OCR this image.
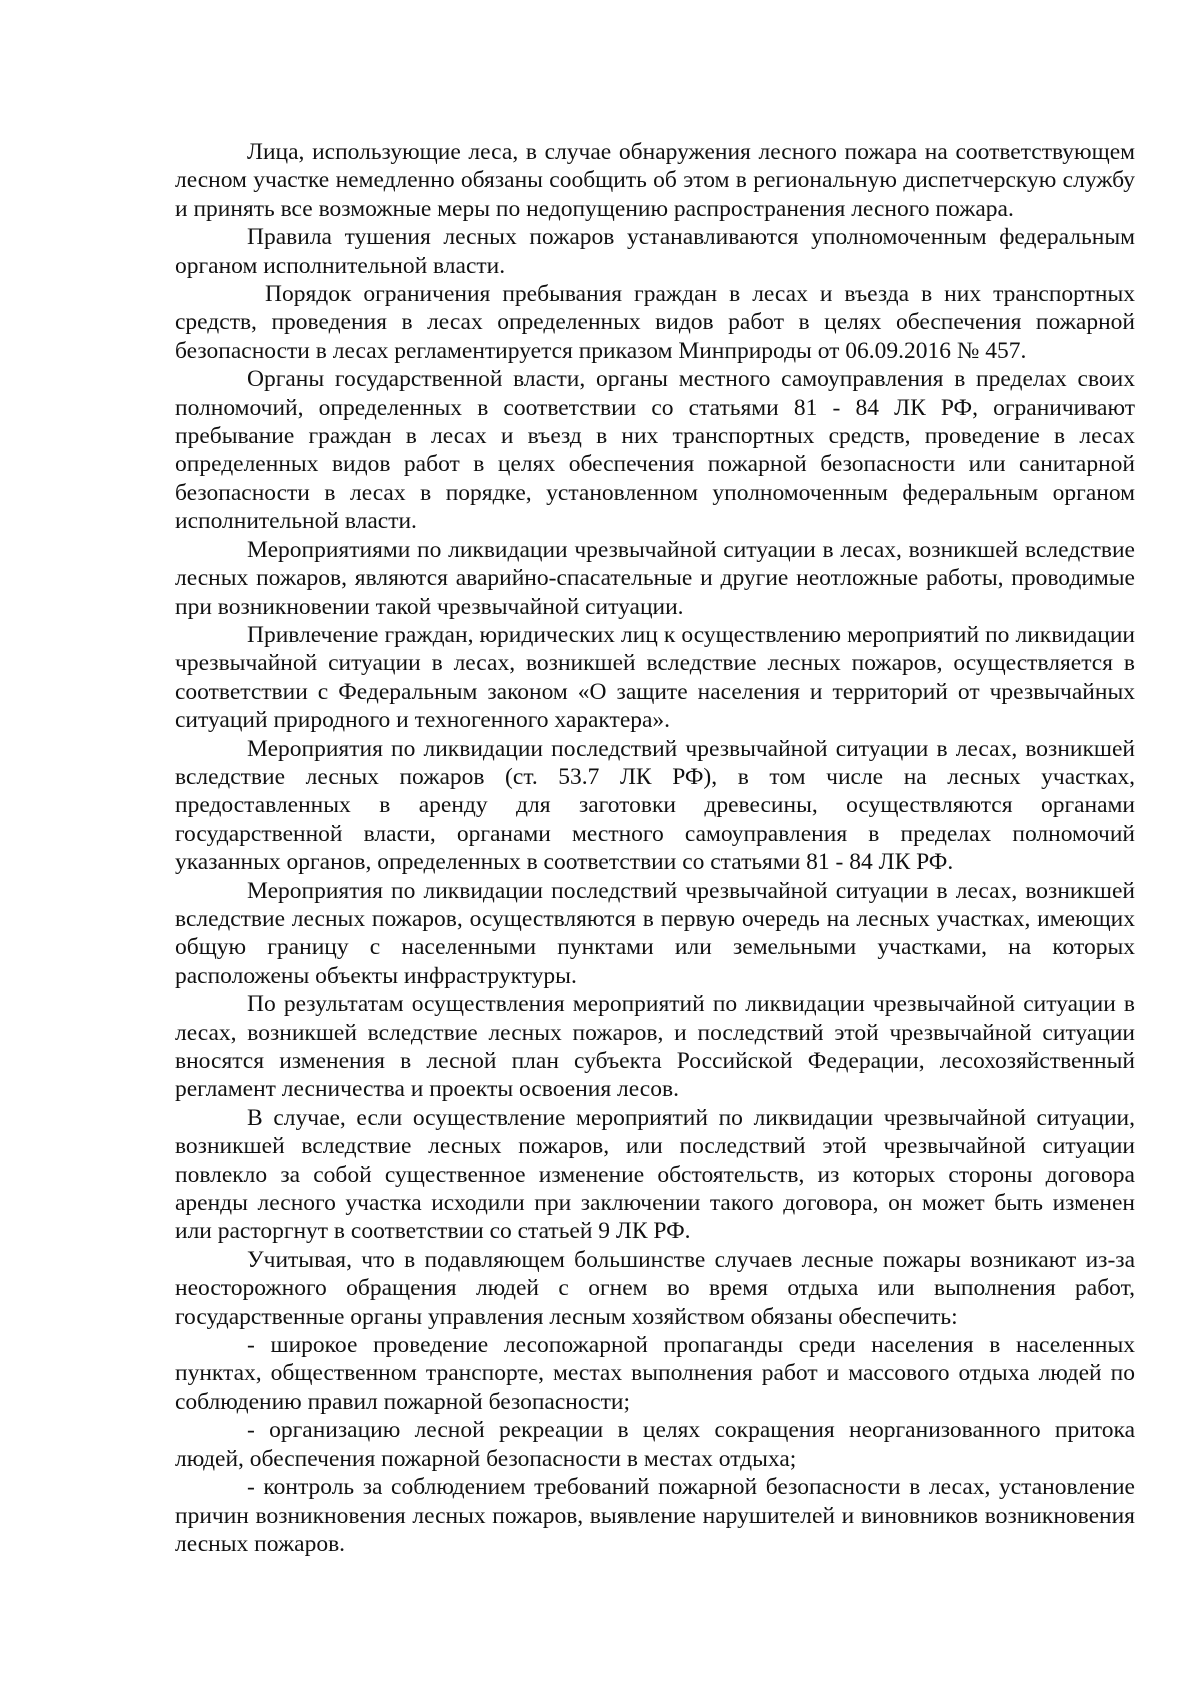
Лица, использующие леса, в случае обнаружения лесного пожара на соответствующем лесном участке немедленно обязаны сообщить об этом в региональную диспетчерскую службу и принять все возможные меры по недопущению распространения лесного пожара.

Правила тушения лесных пожаров устанавливаются уполномоченным федеральным органом исполнительной власти.

Порядок ограничения пребывания граждан в лесах и въезда в них транспортных средств, проведения в лесах определенных видов работ в целях обеспечения пожарной безопасности в лесах регламентируется приказом Минприроды от 06.09.2016 № 457.

Органы государственной власти, органы местного самоуправления в пределах своих полномочий, определенных в соответствии со статьями 81 - 84 ЛК РФ, ограничивают пребывание граждан в лесах и въезд в них транспортных средств, проведение в лесах определенных видов работ в целях обеспечения пожарной безопасности или санитарной безопасности в лесах в порядке, установленном уполномоченным федеральным органом исполнительной власти.

Мероприятиями по ликвидации чрезвычайной ситуации в лесах, возникшей вследствие лесных пожаров, являются аварийно-спасательные и другие неотложные работы, проводимые при возникновении такой чрезвычайной ситуации.

Привлечение граждан, юридических лиц к осуществлению мероприятий по ликвидации чрезвычайной ситуации в лесах, возникшей вследствие лесных пожаров, осуществляется в соответствии с Федеральным законом «О защите населения и территорий от чрезвычайных ситуаций природного и техногенного характера».

Мероприятия по ликвидации последствий чрезвычайной ситуации в лесах, возникшей вследствие лесных пожаров (ст. 53.7 ЛК РФ), в том числе на лесных участках, предоставленных в аренду для заготовки древесины, осуществляются органами государственной власти, органами местного самоуправления в пределах полномочий указанных органов, определенных в соответствии со статьями 81 - 84 ЛК РФ.

Мероприятия по ликвидации последствий чрезвычайной ситуации в лесах, возникшей вследствие лесных пожаров, осуществляются в первую очередь на лесных участках, имеющих общую границу с населенными пунктами или земельными участками, на которых расположены объекты инфраструктуры.

По результатам осуществления мероприятий по ликвидации чрезвычайной ситуации в лесах, возникшей вследствие лесных пожаров, и последствий этой чрезвычайной ситуации вносятся изменения в лесной план субъекта Российской Федерации, лесохозяйственный регламент лесничества и проекты освоения лесов.

В случае, если осуществление мероприятий по ликвидации чрезвычайной ситуации, возникшей вследствие лесных пожаров, или последствий этой чрезвычайной ситуации повлекло за собой существенное изменение обстоятельств, из которых стороны договора аренды лесного участка исходили при заключении такого договора, он может быть изменен или расторгнут в соответствии со статьей 9 ЛК РФ.

Учитывая, что в подавляющем большинстве случаев лесные пожары возникают из-за неосторожного обращения людей с огнем во время отдыха или выполнения работ, государственные органы управления лесным хозяйством обязаны обеспечить:

- широкое проведение лесопожарной пропаганды среди населения в населенных пунктах, общественном транспорте, местах выполнения работ и массового отдыха людей по соблюдению правил пожарной безопасности;

- организацию лесной рекреации в целях сокращения неорганизованного притока людей, обеспечения пожарной безопасности в местах отдыха;

- контроль за соблюдением требований пожарной безопасности в лесах, установление причин возникновения лесных пожаров, выявление нарушителей и виновников возникновения лесных пожаров.
